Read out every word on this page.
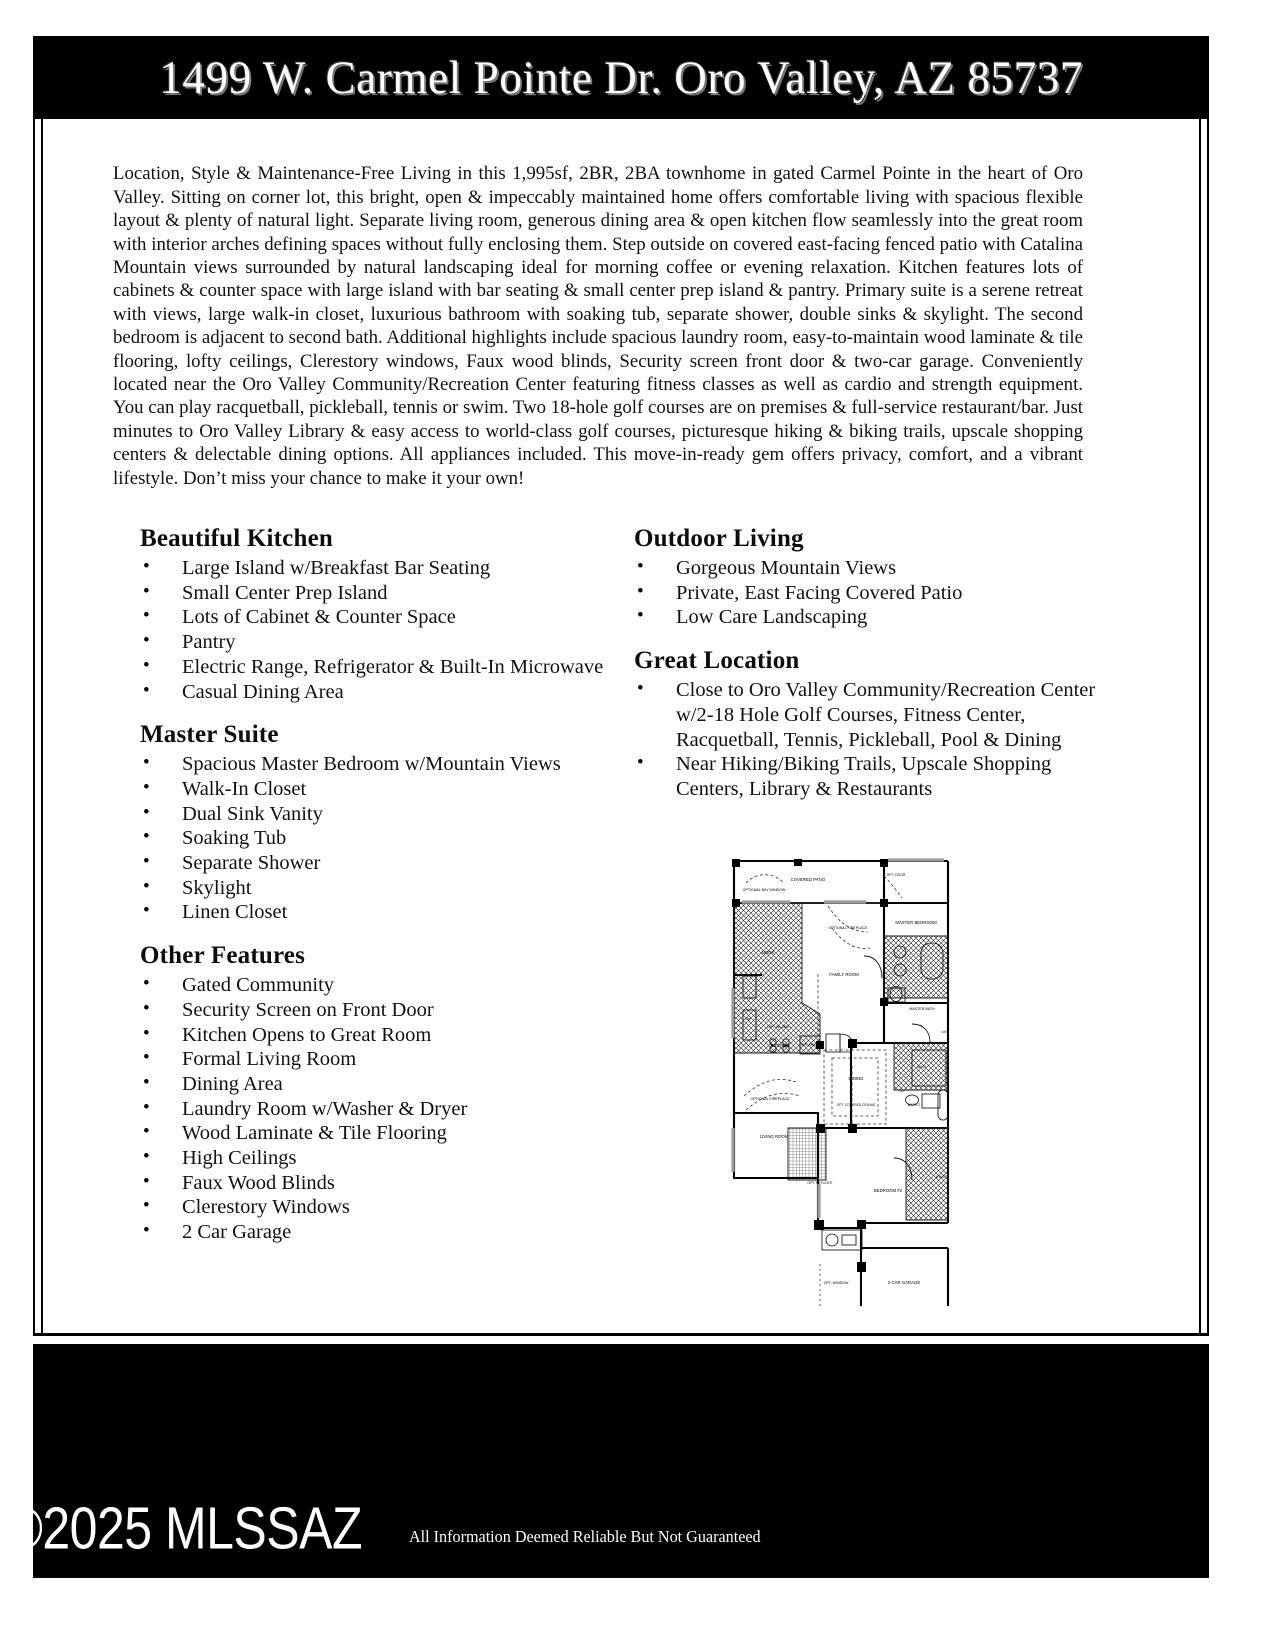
1499 W. Carmel Pointe Dr. Oro Valley, AZ 85737

Location, Style & Maintenance-Free Living in this 1,995sf, 2BR, 2BA townhome in gated Carmel Pointe in the heart of Oro Valley. Sitting on corner lot, this bright, open & impeccably maintained home offers comfortable living with spacious flexible layout & plenty of natural light. Separate living room, generous dining area & open kitchen flow seamlessly into the great room with interior arches defining spaces without fully enclosing them. Step outside on covered east-facing fenced patio with Catalina Mountain views surrounded by natural landscaping ideal for morning coffee or evening relaxation. Kitchen features lots of cabinets & counter space with large island with bar seating & small center prep island & pantry. Primary suite is a serene retreat with views, large walk-in closet, luxurious bathroom with soaking tub, separate shower, double sinks & skylight. The second bedroom is adjacent to second bath. Additional highlights include spacious laundry room, easy-to-maintain wood laminate & tile flooring, lofty ceilings, Clerestory windows, Faux wood blinds, Security screen front door & two-car garage. Conveniently located near the Oro Valley Community/Recreation Center featuring fitness classes as well as cardio and strength equipment. You can play racquetball, pickleball, tennis or swim. Two 18-hole golf courses are on premises & full-service restaurant/bar. Just minutes to Oro Valley Library & easy access to world-class golf courses, picturesque hiking & biking trails, upscale shopping centers & delectable dining options. All appliances included. This move-in-ready gem offers privacy, comfort, and a vibrant lifestyle. Don’t miss your chance to make it your own!

Beautiful Kitchen
• Large Island w/Breakfast Bar Seating
• Small Center Prep Island
• Lots of Cabinet & Counter Space
• Pantry
• Electric Range, Refrigerator & Built-In Microwave
• Casual Dining Area
Master Suite
• Spacious Master Bedroom w/Mountain Views
• Walk-In Closet
• Dual Sink Vanity
• Soaking Tub
• Separate Shower
• Skylight
• Linen Closet
Other Features
• Gated Community
• Security Screen on Front Door
• Kitchen Opens to Great Room
• Formal Living Room
• Dining Area
• Laundry Room w/Washer & Dryer
• Wood Laminate & Tile Flooring
• High Ceilings
• Faux Wood Blinds
• Clerestory Windows
• 2 Car Garage
Outdoor Living
• Gorgeous Mountain Views
• Private, East Facing Covered Patio
• Low Care Landscaping
Great Location
• Close to Oro Valley Community/Recreation Center w/2-18 Hole Golf Courses, Fitness Center, Racquetball, Tennis, Pickleball, Pool & Dining
• Near Hiking/Biking Trails, Upscale Shopping Centers, Library & Restaurants
COVERED PATIO
OPTIONAL BAY WINDOW
OPT. DOOR
MASTER BEDROOM
OPTIONAL FIREPLACE
NOOK
FAMILY ROOM
MASTER BATH
LIN
OPT. ISLAND
KITCHEN	REF. SPACE
DW
W.I.C.
DINING
OPT. COVERED CEILING
OPTIONAL FIREPLACE
LIVING ROOM
BATH 2
LIN
OPT. SKYLIGHT
BEDROOM #2
UTILITY
OPT. WINDOW	2-CAR GARAGE
©2025 MLSSAZ	All Information Deemed Reliable But Not Guaranteed
